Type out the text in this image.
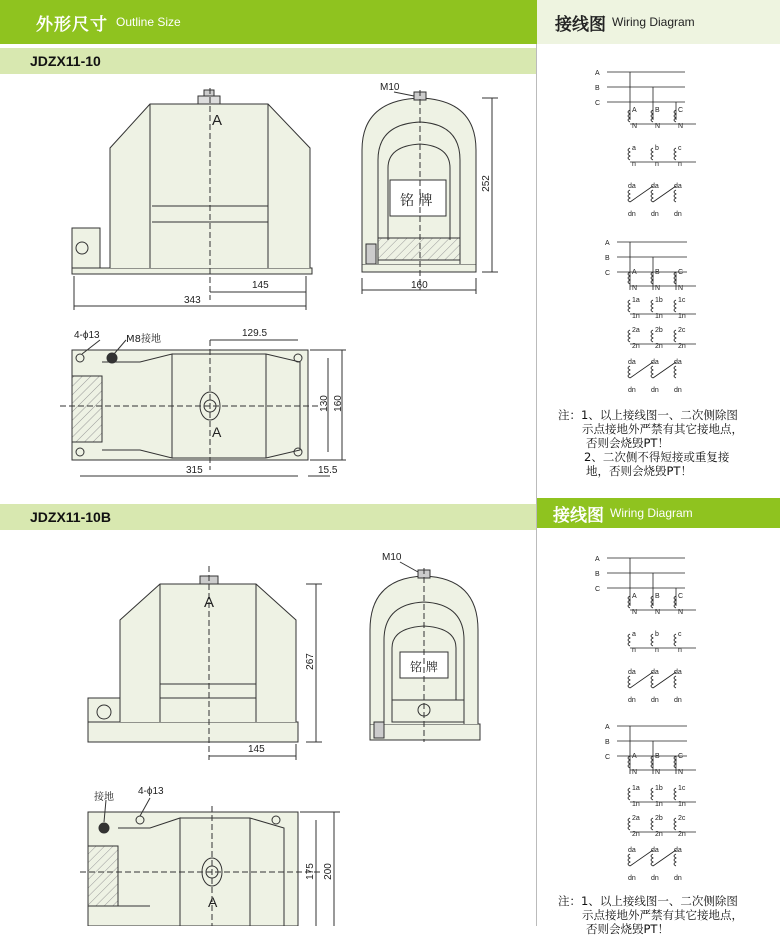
外形尺寸 Outline Size	接线图 Wiring Diagram
JDZX11-10
JDZX11-10B	接线图 Wiring Diagram
A
145
343
M10
铭 牌
252
160
4-ϕ13	M8接地
129.5
130 160
A
315	15.5
A
267
145
M10
铭 牌
接地
4-ϕ13
175 200
A
A
B
C
A
N
B
N
C
N
a
n
b
n
c
n
da
dn
da
dn
da
dn
A
B
C	A
N
B
N
C
N
1a
1n
1b
1n
1c
1n
2a
2n
2b
2n
2c
2n
da
dn
da
dn
da
dn
A
B
C
A
N
B
N
C
N
a
n
b
n
c
n
da
dn
da
dn
da
dn
A
B
C	A
N
B
N
C
N
1a
1n
1b
1n
1c
1n
2a
2n
2b
2n
2c
2n
da
dn
da
dn
da
dn
注：1、以上接线图一、二次侧除图
示点接地外严禁有其它接地点，
否则会烧毁PT！
2、二次侧不得短接或重复接
地，否则会烧毁PT！
注：1、以上接线图一、二次侧除图
示点接地外严禁有其它接地点，
否则会烧毁PT！
